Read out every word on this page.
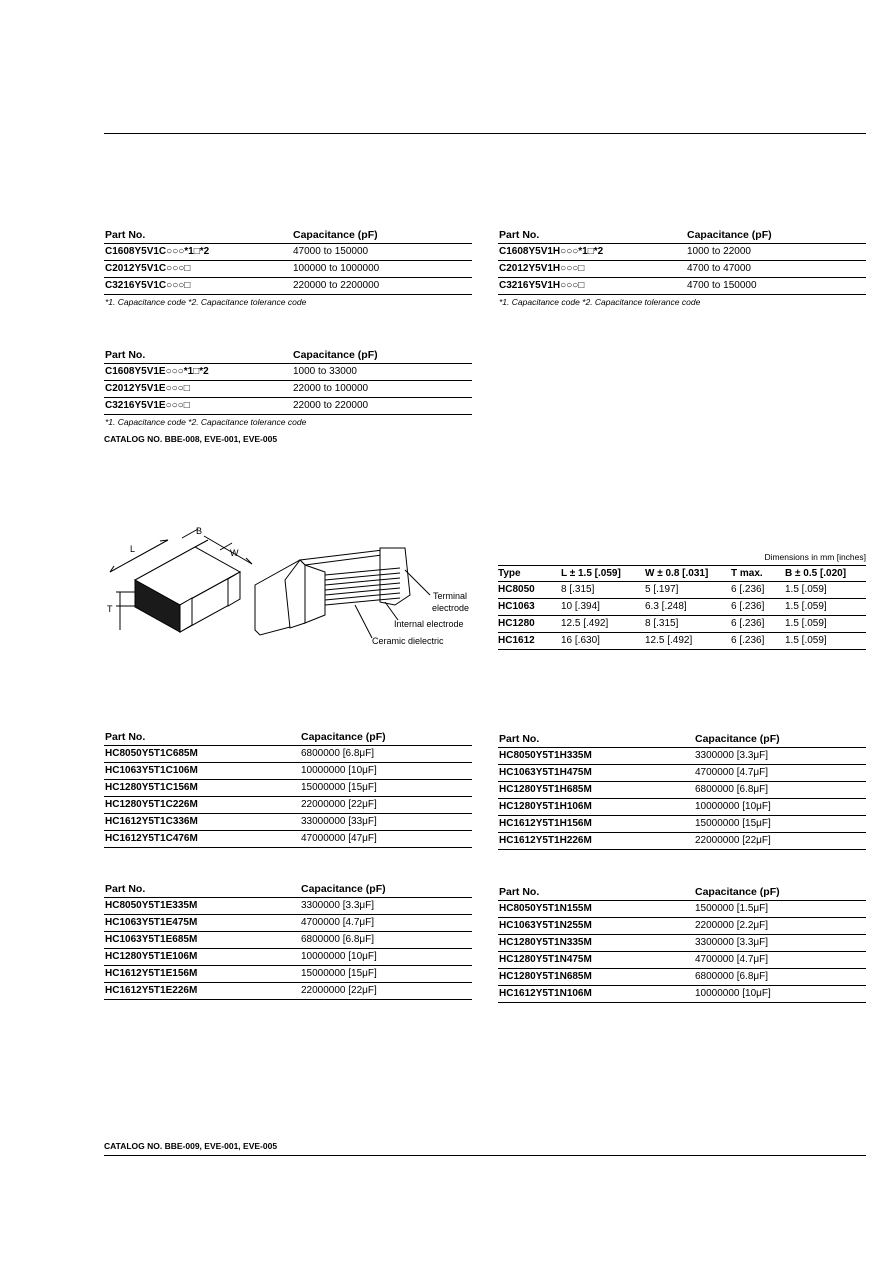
Part No.	Capacitance (pF)
C1608Y5V1C○○○*1□*2	47000 to 150000
C2012Y5V1C○○○□	100000 to 1000000
C3216Y5V1C○○○□	220000 to 2200000
*1. Capacitance code *2. Capacitance tolerance code
Part No.	Capacitance (pF)
C1608Y5V1H○○○*1□*2	1000 to 22000
C2012Y5V1H○○○□	4700 to 47000
C3216Y5V1H○○○□	4700 to 150000
*1. Capacitance code *2. Capacitance tolerance code
Part No.	Capacitance (pF)
C1608Y5V1E○○○*1□*2	1000 to 33000
C2012Y5V1E○○○□	22000 to 100000
C3216Y5V1E○○○□	22000 to 220000
*1. Capacitance code *2. Capacitance tolerance code
CATALOG NO. BBE-008, EVE-001, EVE-005
L
B
W
T
Terminal
electrode
Internal electrode
Ceramic dielectric
Dimensions in mm [inches]
Type	L ± 1.5 [.059]	W ± 0.8 [.031]	T max.	B ± 0.5 [.020]
HC8050	8 [.315]	5 [.197]	6 [.236]	1.5 [.059]
HC1063	10 [.394]	6.3 [.248]	6 [.236]	1.5 [.059]
HC1280	12.5 [.492]	8 [.315]	6 [.236]	1.5 [.059]
HC1612	16 [.630]	12.5 [.492]	6 [.236]	1.5 [.059]
Part No.	Capacitance (pF)
HC8050Y5T1C685M	6800000 [6.8μF]
HC1063Y5T1C106M	10000000 [10μF]
HC1280Y5T1C156M	15000000 [15μF]
HC1280Y5T1C226M	22000000 [22μF]
HC1612Y5T1C336M	33000000 [33μF]
HC1612Y5T1C476M	47000000 [47μF]
Part No.	Capacitance (pF)
HC8050Y5T1H335M	3300000 [3.3μF]
HC1063Y5T1H475M	4700000 [4.7μF]
HC1280Y5T1H685M	6800000 [6.8μF]
HC1280Y5T1H106M	10000000 [10μF]
HC1612Y5T1H156M	15000000 [15μF]
HC1612Y5T1H226M	22000000 [22μF]
Part No.	Capacitance (pF)
HC8050Y5T1E335M	3300000 [3.3μF]
HC1063Y5T1E475M	4700000 [4.7μF]
HC1063Y5T1E685M	6800000 [6.8μF]
HC1280Y5T1E106M	10000000 [10μF]
HC1612Y5T1E156M	15000000 [15μF]
HC1612Y5T1E226M	22000000 [22μF]
Part No.	Capacitance (pF)
HC8050Y5T1N155M	1500000 [1.5μF]
HC1063Y5T1N255M	2200000 [2.2μF]
HC1280Y5T1N335M	3300000 [3.3μF]
HC1280Y5T1N475M	4700000 [4.7μF]
HC1280Y5T1N685M	6800000 [6.8μF]
HC1612Y5T1N106M	10000000 [10μF]
CATALOG NO. BBE-009, EVE-001, EVE-005
